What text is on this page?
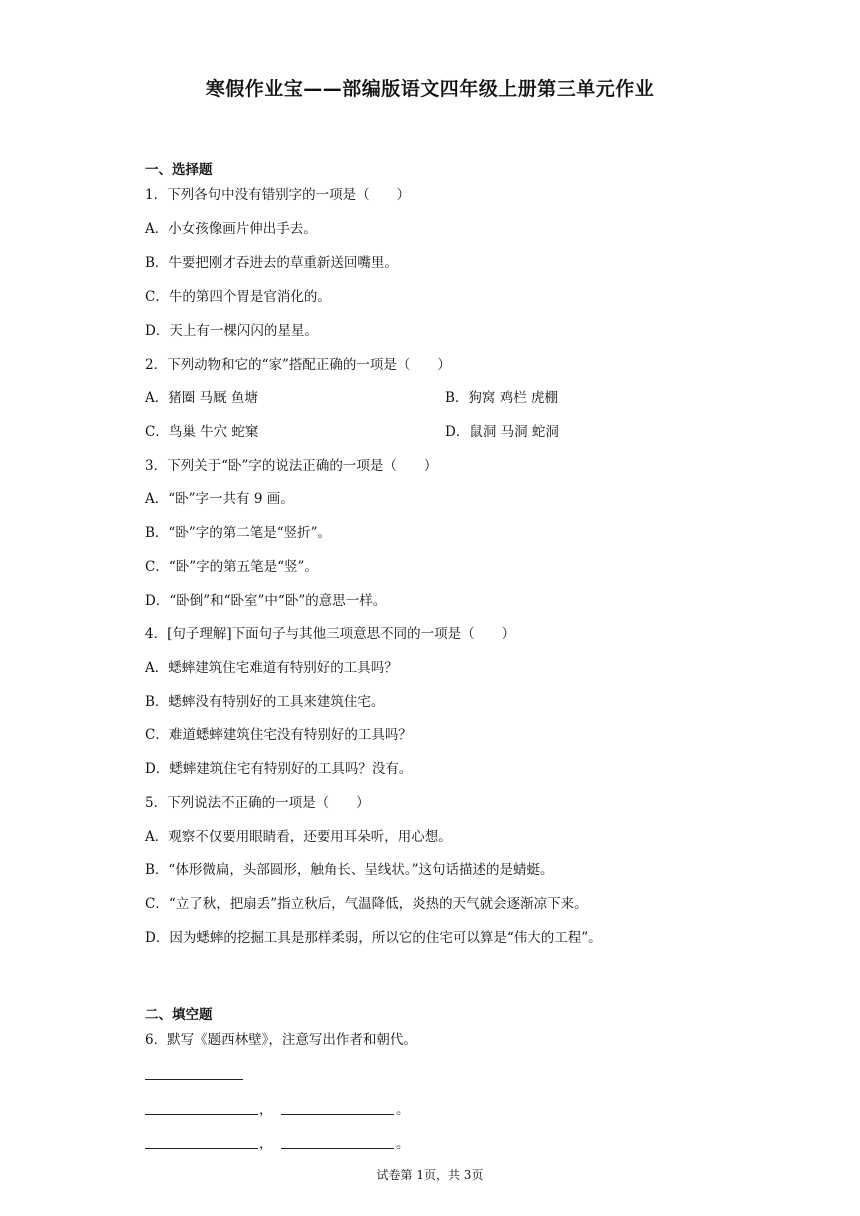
寒假作业宝——部编版语文四年级上册第三单元作业
一、选择题
1．下列各句中没有错别字的一项是（　　）
A．小女孩像画片伸出手去。
B．牛要把刚才吞进去的草重新送回嘴里。
C．牛的第四个胃是官消化的。
D．天上有一棵闪闪的星星。
2．下列动物和它的“家”搭配正确的一项是（　　）
A．猪圈 马厩 鱼塘	B．狗窝 鸡栏 虎棚
C．鸟巢 牛穴 蛇窠	D．鼠洞 马洞 蛇洞
3．下列关于“卧”字的说法正确的一项是（　　）
A．“卧”字一共有 9 画。
B．“卧”字的第二笔是“竖折”。
C．“卧”字的第五笔是“竖”。
D．“卧倒”和“卧室”中“卧”的意思一样。
4．[句子理解]下面句子与其他三项意思不同的一项是（　　）
A．蟋蟀建筑住宅难道有特别好的工具吗？
B．蟋蟀没有特别好的工具来建筑住宅。
C．难道蟋蟀建筑住宅没有特别好的工具吗？
D．蟋蟀建筑住宅有特别好的工具吗？没有。
5．下列说法不正确的一项是（　　）
A．观察不仅要用眼睛看，还要用耳朵听，用心想。
B．“体形微扁，头部圆形，触角长、呈线状。”这句话描述的是蜻蜓。
C．“立了秋，把扇丢”指立秋后，气温降低，炎热的天气就会逐渐凉下来。
D．因为蟋蟀的挖掘工具是那样柔弱，所以它的住宅可以算是“伟大的工程”。
二、填空题
6．默写《题西林壁》，注意写出作者和朝代。
，	。
，	。
试卷第 1页，共 3页
